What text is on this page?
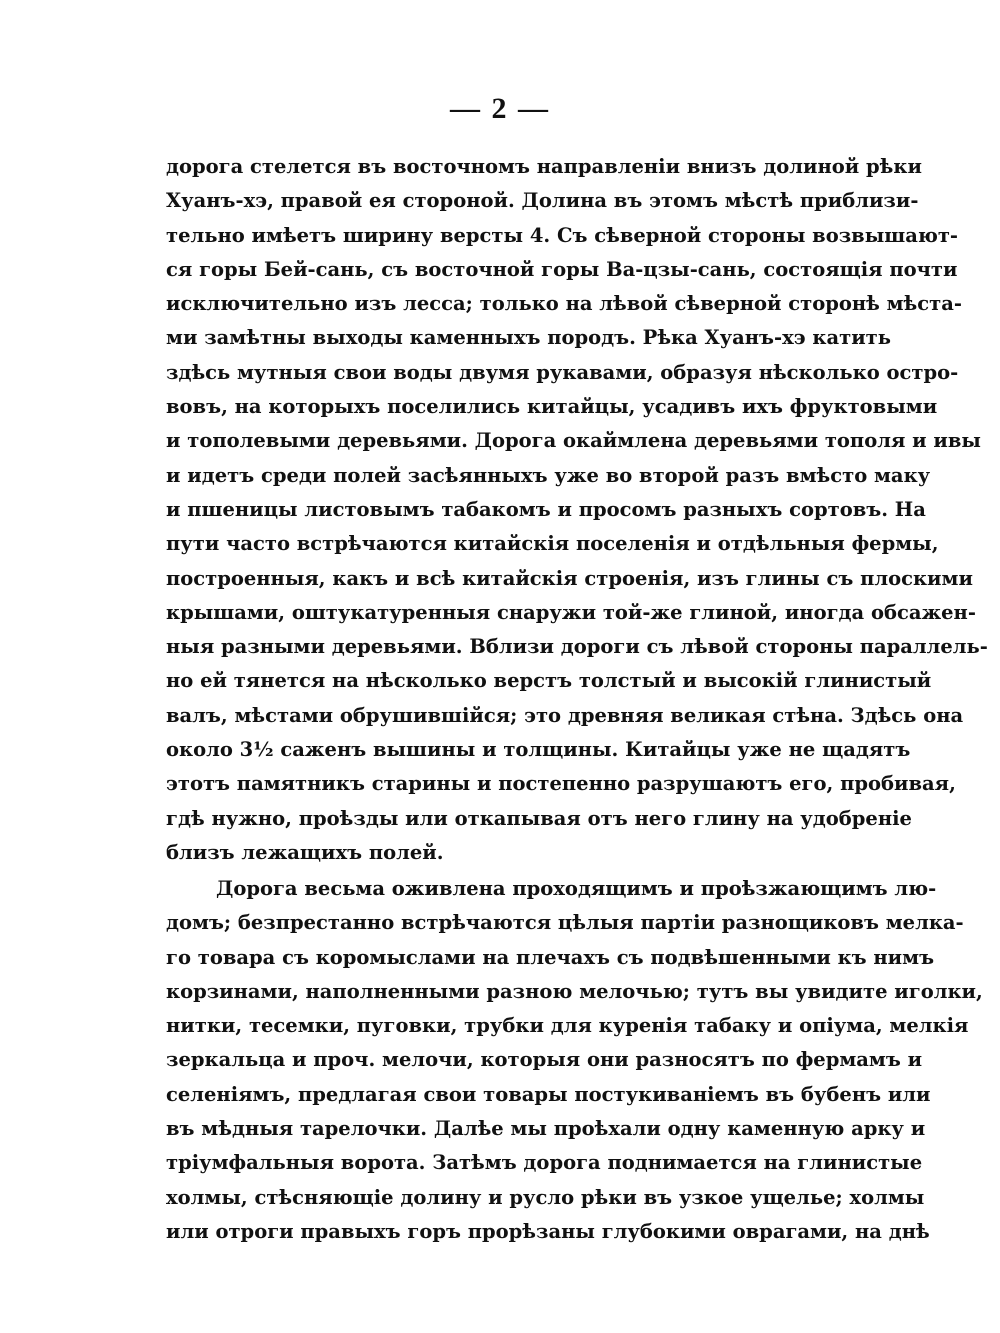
— 2 —
дорога стелется въ восточномъ направленіи внизъ долиной рѣки
Хуанъ-хэ, правой ея стороной. Долина въ этомъ мѣстѣ приблизи-
тельно имѣетъ ширину версты 4. Съ сѣверной стороны возвышают-
ся горы Бей-сань, съ восточной горы Ва-цзы-сань, состоящія почти
исключительно изъ лесса; только на лѣвой сѣверной сторонѣ мѣста-
ми замѣтны выходы каменныхъ породъ. Рѣка Хуанъ-хэ катить
здѣсь мутныя свои воды двумя рукавами, образуя нѣсколько остро-
вовъ, на которыхъ поселились китайцы, усадивъ ихъ фруктовыми
и тополевыми деревьями. Дорога окаймлена деревьями тополя и ивы
и идетъ среди полей засѣянныхъ уже во второй разъ вмѣсто маку
и пшеницы листовымъ табакомъ и просомъ разныхъ сортовъ. На
пути часто встрѣчаются китайскія поселенія и отдѣльныя фермы,
построенныя, какъ и всѣ китайскія строенія, изъ глины съ плоскими
крышами, оштукатуренныя снаружи той-же глиной, иногда обсажен-
ныя разными деревьями. Вблизи дороги съ лѣвой стороны параллель-
но ей тянется на нѣсколько верстъ толстый и высокій глинистый
валъ, мѣстами обрушившійся; это древняя великая стѣна. Здѣсь она
около 3½ саженъ вышины и толщины. Китайцы уже не щадятъ
этотъ памятникъ старины и постепенно разрушаютъ его, пробивая,
гдѣ нужно, проѣзды или откапывая отъ него глину на удобреніе
близъ лежащихъ полей.
Дорога весьма оживлена проходящимъ и проѣзжающимъ лю-
домъ; безпрестанно встрѣчаются цѣлыя партіи разнощиковъ мелка-
го товара съ коромыслами на плечахъ съ подвѣшенными къ нимъ
корзинами, наполненными разною мелочью; тутъ вы увидите иголки,
нитки, тесемки, пуговки, трубки для куренія табаку и опіума, мелкія
зеркальца и проч. мелочи, которыя они разносятъ по фермамъ и
селеніямъ, предлагая свои товары постукиваніемъ въ бубенъ или
въ мѣдныя тарелочки. Далѣе мы проѣхали одну каменную арку и
тріумфальныя ворота. Затѣмъ дорога поднимается на глинистые
холмы, стѣсняющіе долину и русло рѣки въ узкое ущелье; холмы
или отроги правыхъ горъ прорѣзаны глубокими оврагами, на днѣ
